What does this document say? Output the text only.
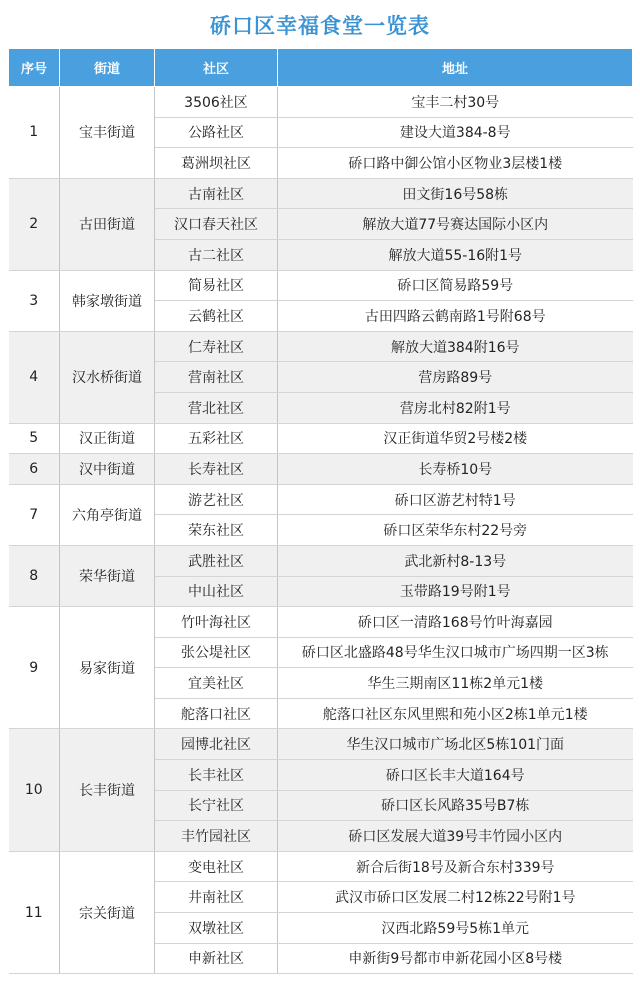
硚口区幸福食堂一览表
序号	街道	社区	地址
1	宝丰街道	3506社区	宝丰二村30号
		公路社区	建设大道384-8号
		葛洲坝社区	硚口路中御公馆小区物业3层楼1楼
2	古田街道	古南社区	田文街16号58栋
		汉口春天社区	解放大道77号赛达国际小区内
		古二社区	解放大道55-16附1号
3	韩家墩街道	简易社区	硚口区简易路59号
		云鹤社区	古田四路云鹤南路1号附68号
4	汉水桥街道	仁寿社区	解放大道384附16号
		营南社区	营房路89号
		营北社区	营房北村82附1号
5	汉正街道	五彩社区	汉正街道华贸2号楼2楼
6	汉中街道	长寿社区	长寿桥10号
7	六角亭街道	游艺社区	硚口区游艺村特1号
		荣东社区	硚口区荣华东村22号旁
8	荣华街道	武胜社区	武北新村8-13号
		中山社区	玉带路19号附1号
9	易家街道	竹叶海社区	硚口区一清路168号竹叶海嘉园
		张公堤社区	硚口区北盛路48号华生汉口城市广场四期一区3栋
		宜美社区	华生三期南区11栋2单元1楼
		舵落口社区	舵落口社区东风里熙和苑小区2栋1单元1楼
10	长丰街道	园博北社区	华生汉口城市广场北区5栋101门面
		长丰社区	硚口区长丰大道164号
		长宁社区	硚口区长风路35号B7栋
		丰竹园社区	硚口区发展大道39号丰竹园小区内
11	宗关街道	变电社区	新合后街18号及新合东村339号
		井南社区	武汉市硚口区发展二村12栋22号附1号
		双墩社区	汉西北路59号5栋1单元
		申新社区	申新街9号都市申新花园小区8号楼
